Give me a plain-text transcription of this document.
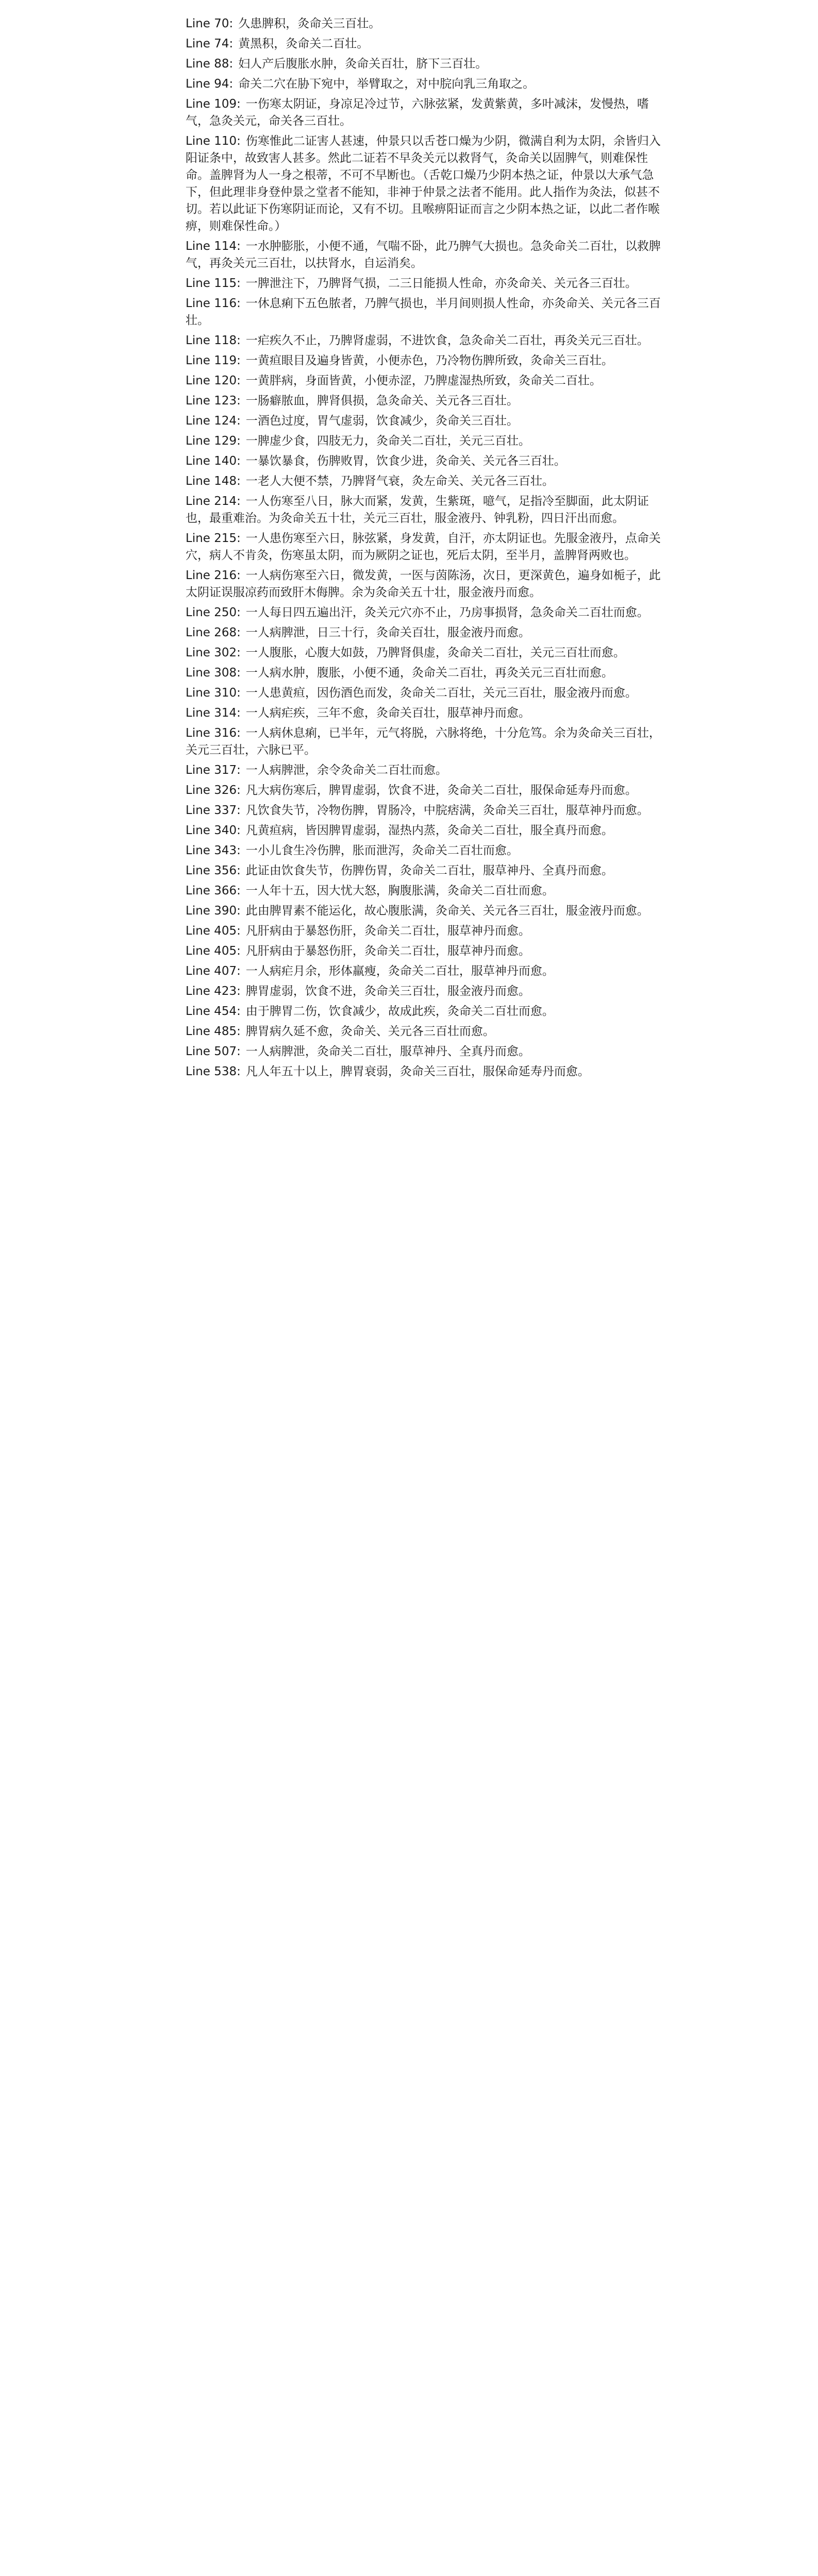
Line 70: 久患脾积，灸命关三百壮。
Line 74: 黄黑积，灸命关二百壮。
Line 88: 妇人产后腹胀水肿，灸命关百壮，脐下三百壮。
Line 94: 命关二穴在胁下宛中，举臂取之，对中脘向乳三角取之。
Line 109: 一伤寒太阴证，身凉足冷过节，六脉弦紧，发黄紫黄，多叶减沫，发慢热，嗜气，急灸关元，命关各三百壮。
Line 110: 伤寒惟此二证害人甚速，仲景只以舌苍口燥为少阴，微满自利为太阴，余皆归入阳证条中，故致害人甚多。然此二证若不早灸关元以救肾气，灸命关以固脾气，则难保性命。盖脾肾为人一身之根蒂，不可不早断也。（舌乾口燥乃少阴本热之证，仲景以大承气急下，但此理非身登仲景之堂者不能知，非神于仲景之法者不能用。此人指作为灸法，似甚不切。若以此证下伤寒阴证而论，又有不切。且喉痹阳证而言之少阴本热之证，以此二者作喉痹，则难保性命。）
Line 114: 一水肿膨胀，小便不通，气喘不卧，此乃脾气大损也。急灸命关二百壮，以救脾气，再灸关元三百壮，以扶肾水，自运消矣。
Line 115: 一脾泄注下，乃脾肾气损，二三日能损人性命，亦灸命关、关元各三百壮。
Line 116: 一休息痢下五色脓者，乃脾气损也，半月间则损人性命，亦灸命关、关元各三百壮。
Line 118: 一疟疾久不止，乃脾肾虚弱，不进饮食，急灸命关二百壮，再灸关元三百壮。
Line 119: 一黄疸眼目及遍身皆黄，小便赤色，乃冷物伤脾所致，灸命关三百壮。
Line 120: 一黄胖病，身面皆黄，小便赤涩，乃脾虚湿热所致，灸命关二百壮。
Line 123: 一肠癖脓血，脾肾俱损，急灸命关、关元各三百壮。
Line 124: 一酒色过度，胃气虚弱，饮食减少，灸命关三百壮。
Line 129: 一脾虚少食，四肢无力，灸命关二百壮，关元三百壮。
Line 140: 一暴饮暴食，伤脾败胃，饮食少进，灸命关、关元各三百壮。
Line 148: 一老人大便不禁，乃脾肾气衰，灸左命关、关元各三百壮。
Line 214: 一人伤寒至八日，脉大而紧，发黄，生紫斑，噫气，足指冷至脚面，此太阴证也，最重难治。为灸命关五十壮，关元三百壮，服金液丹、钟乳粉，四日汗出而愈。
Line 215: 一人患伤寒至六日，脉弦紧，身发黄，自汗，亦太阴证也。先服金液丹，点命关穴，病人不肯灸，伤寒虽太阴，而为厥阴之证也，死后太阴，至半月，盖脾肾两败也。
Line 216: 一人病伤寒至六日，微发黄，一医与茵陈汤，次日，更深黄色，遍身如栀子，此太阴证误服凉药而致肝木侮脾。余为灸命关五十壮，服金液丹而愈。
Line 250: 一人每日四五遍出汗，灸关元穴亦不止，乃房事损肾，急灸命关二百壮而愈。
Line 268: 一人病脾泄，日三十行，灸命关百壮，服金液丹而愈。
Line 302: 一人腹胀，心腹大如鼓，乃脾肾俱虚，灸命关二百壮，关元三百壮而愈。
Line 308: 一人病水肿，腹胀，小便不通，灸命关二百壮，再灸关元三百壮而愈。
Line 310: 一人患黄疸，因伤酒色而发，灸命关二百壮，关元三百壮，服金液丹而愈。
Line 314: 一人病疟疾，三年不愈，灸命关百壮，服草神丹而愈。
Line 316: 一人病休息痢，已半年，元气将脱，六脉将绝，十分危笃。余为灸命关三百壮，关元三百壮，六脉已平。
Line 317: 一人病脾泄，余令灸命关二百壮而愈。
Line 326: 凡大病伤寒后，脾胃虚弱，饮食不进，灸命关二百壮，服保命延寿丹而愈。
Line 337: 凡饮食失节，冷物伤脾，胃肠冷，中脘痞满，灸命关三百壮，服草神丹而愈。
Line 340: 凡黄疸病，皆因脾胃虚弱，湿热内蒸，灸命关二百壮，服全真丹而愈。
Line 343: 一小儿食生冷伤脾，胀而泄泻，灸命关二百壮而愈。
Line 356: 此证由饮食失节，伤脾伤胃，灸命关二百壮，服草神丹、全真丹而愈。
Line 366: 一人年十五，因大忧大怒，胸腹胀满，灸命关二百壮而愈。
Line 390: 此由脾胃素不能运化，故心腹胀满，灸命关、关元各三百壮，服金液丹而愈。
Line 405: 凡肝病由于暴怒伤肝，灸命关二百壮，服草神丹而愈。
Line 405: 凡肝病由于暴怒伤肝，灸命关二百壮，服草神丹而愈。
Line 407: 一人病疟月余，形体羸瘦，灸命关二百壮，服草神丹而愈。
Line 423: 脾胃虚弱，饮食不进，灸命关三百壮，服金液丹而愈。
Line 454: 由于脾胃二伤，饮食减少，故成此疾，灸命关二百壮而愈。
Line 485: 脾胃病久延不愈，灸命关、关元各三百壮而愈。
Line 507: 一人病脾泄，灸命关二百壮，服草神丹、全真丹而愈。
Line 538: 凡人年五十以上，脾胃衰弱，灸命关三百壮，服保命延寿丹而愈。
